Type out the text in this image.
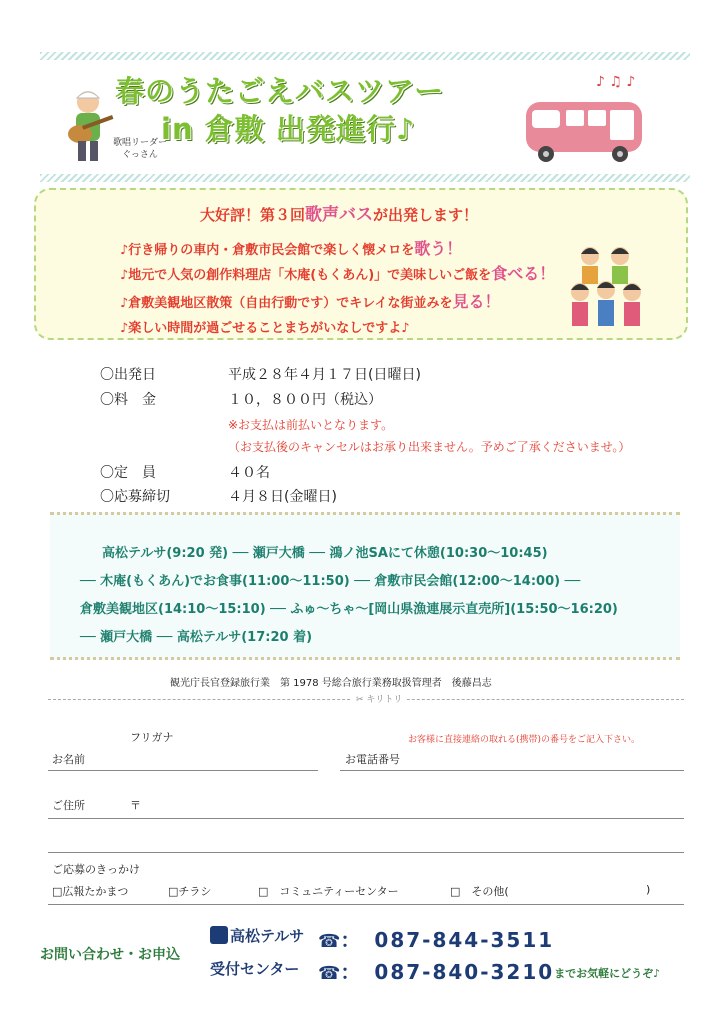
春のうたごえバスツアー
in 倉敷 出発進行♪
歌唱リーダー
ぐっさん
♪ ♫ ♪
大好評！第３回歌声バスが出発します！
♪行き帰りの車内・倉敷市民会館で楽しく懐メロを歌う！
♪地元で人気の創作料理店「木庵(もくあん)」で美味しいご飯を食べる！
♪倉敷美観地区散策（自由行動です）でキレイな街並みを見る！
♪楽しい時間が過ごせることまちがいなしですよ♪
〇出発日	平成２８年４月１７日(日曜日)
〇料　金	１０，８００円（税込）
※お支払は前払いとなります。
（お支払後のキャンセルはお承り出来ません。予めご了承くださいませ。）
〇定　員	４０名
〇応募締切	４月８日(金曜日)
高松テルサ(9:20 発) ── 瀬戸大橋 ── 鴻ノ池SAにて休憩(10:30～10:45)
── 木庵(もくあん)でお食事(11:00～11:50) ── 倉敷市民会館(12:00～14:00) ──
倉敷美観地区(14:10～15:10) ── ふゅ～ちゃ～[岡山県漁連展示直売所](15:50～16:20)
── 瀬戸大橋 ── 高松テルサ(17:20 着)
観光庁長官登録旅行業　第 1978 号総合旅行業務取扱管理者　後藤昌志
✂ キリトリ
フリガナ	お客様に直接連絡の取れる(携帯)の番号をご記入下さい。
お名前	お電話番号
ご住所	〒
ご応募のきっかけ
□広報たかまつ	□チラシ	□　コミュニティーセンター	□　その他(	)
お問い合わせ・お申込
高松テルサ ☎：　087-844-3511
受付センター ☎：　087-840-3210までお気軽にどうぞ♪
